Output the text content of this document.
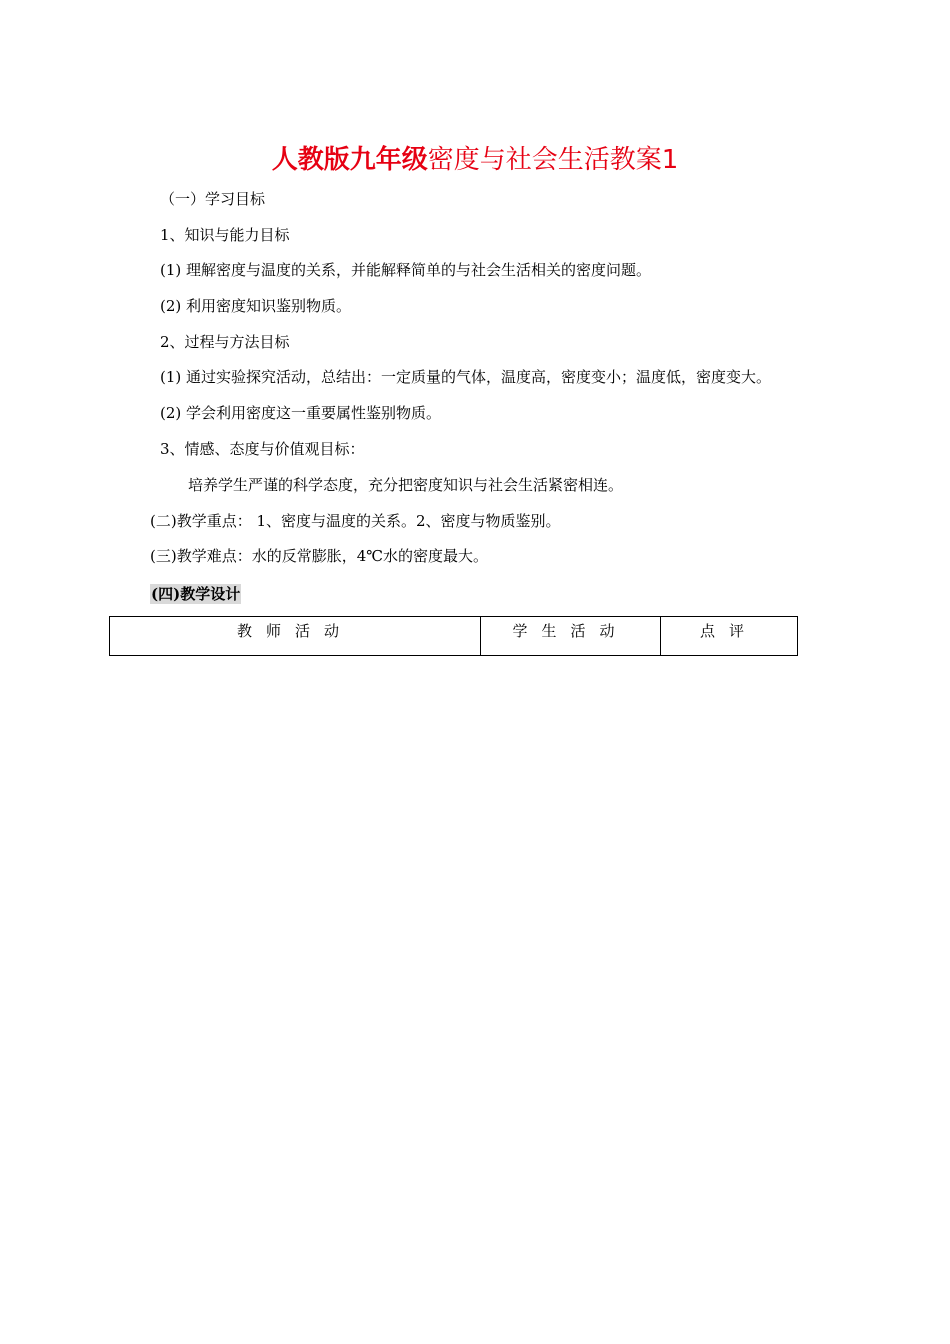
人教版九年级密度与社会生活教案1
（一）学习目标
1、知识与能力目标
(1) 理解密度与温度的关系，并能解释简单的与社会生活相关的密度问题。
(2) 利用密度知识鉴别物质。
2、过程与方法目标
(1) 通过实验探究活动，总结出：一定质量的气体，温度高，密度变小；温度低，密度变大。
(2) 学会利用密度这一重要属性鉴别物质。
3、情感、态度与价值观目标：
培养学生严谨的科学态度，充分把密度知识与社会生活紧密相连。
(二)教学重点： 1、密度与温度的关系。2、密度与物质鉴别。
(三)教学难点：水的反常膨胀，4℃水的密度最大。
(四)教学设计
教师活动	学生活动	点评
